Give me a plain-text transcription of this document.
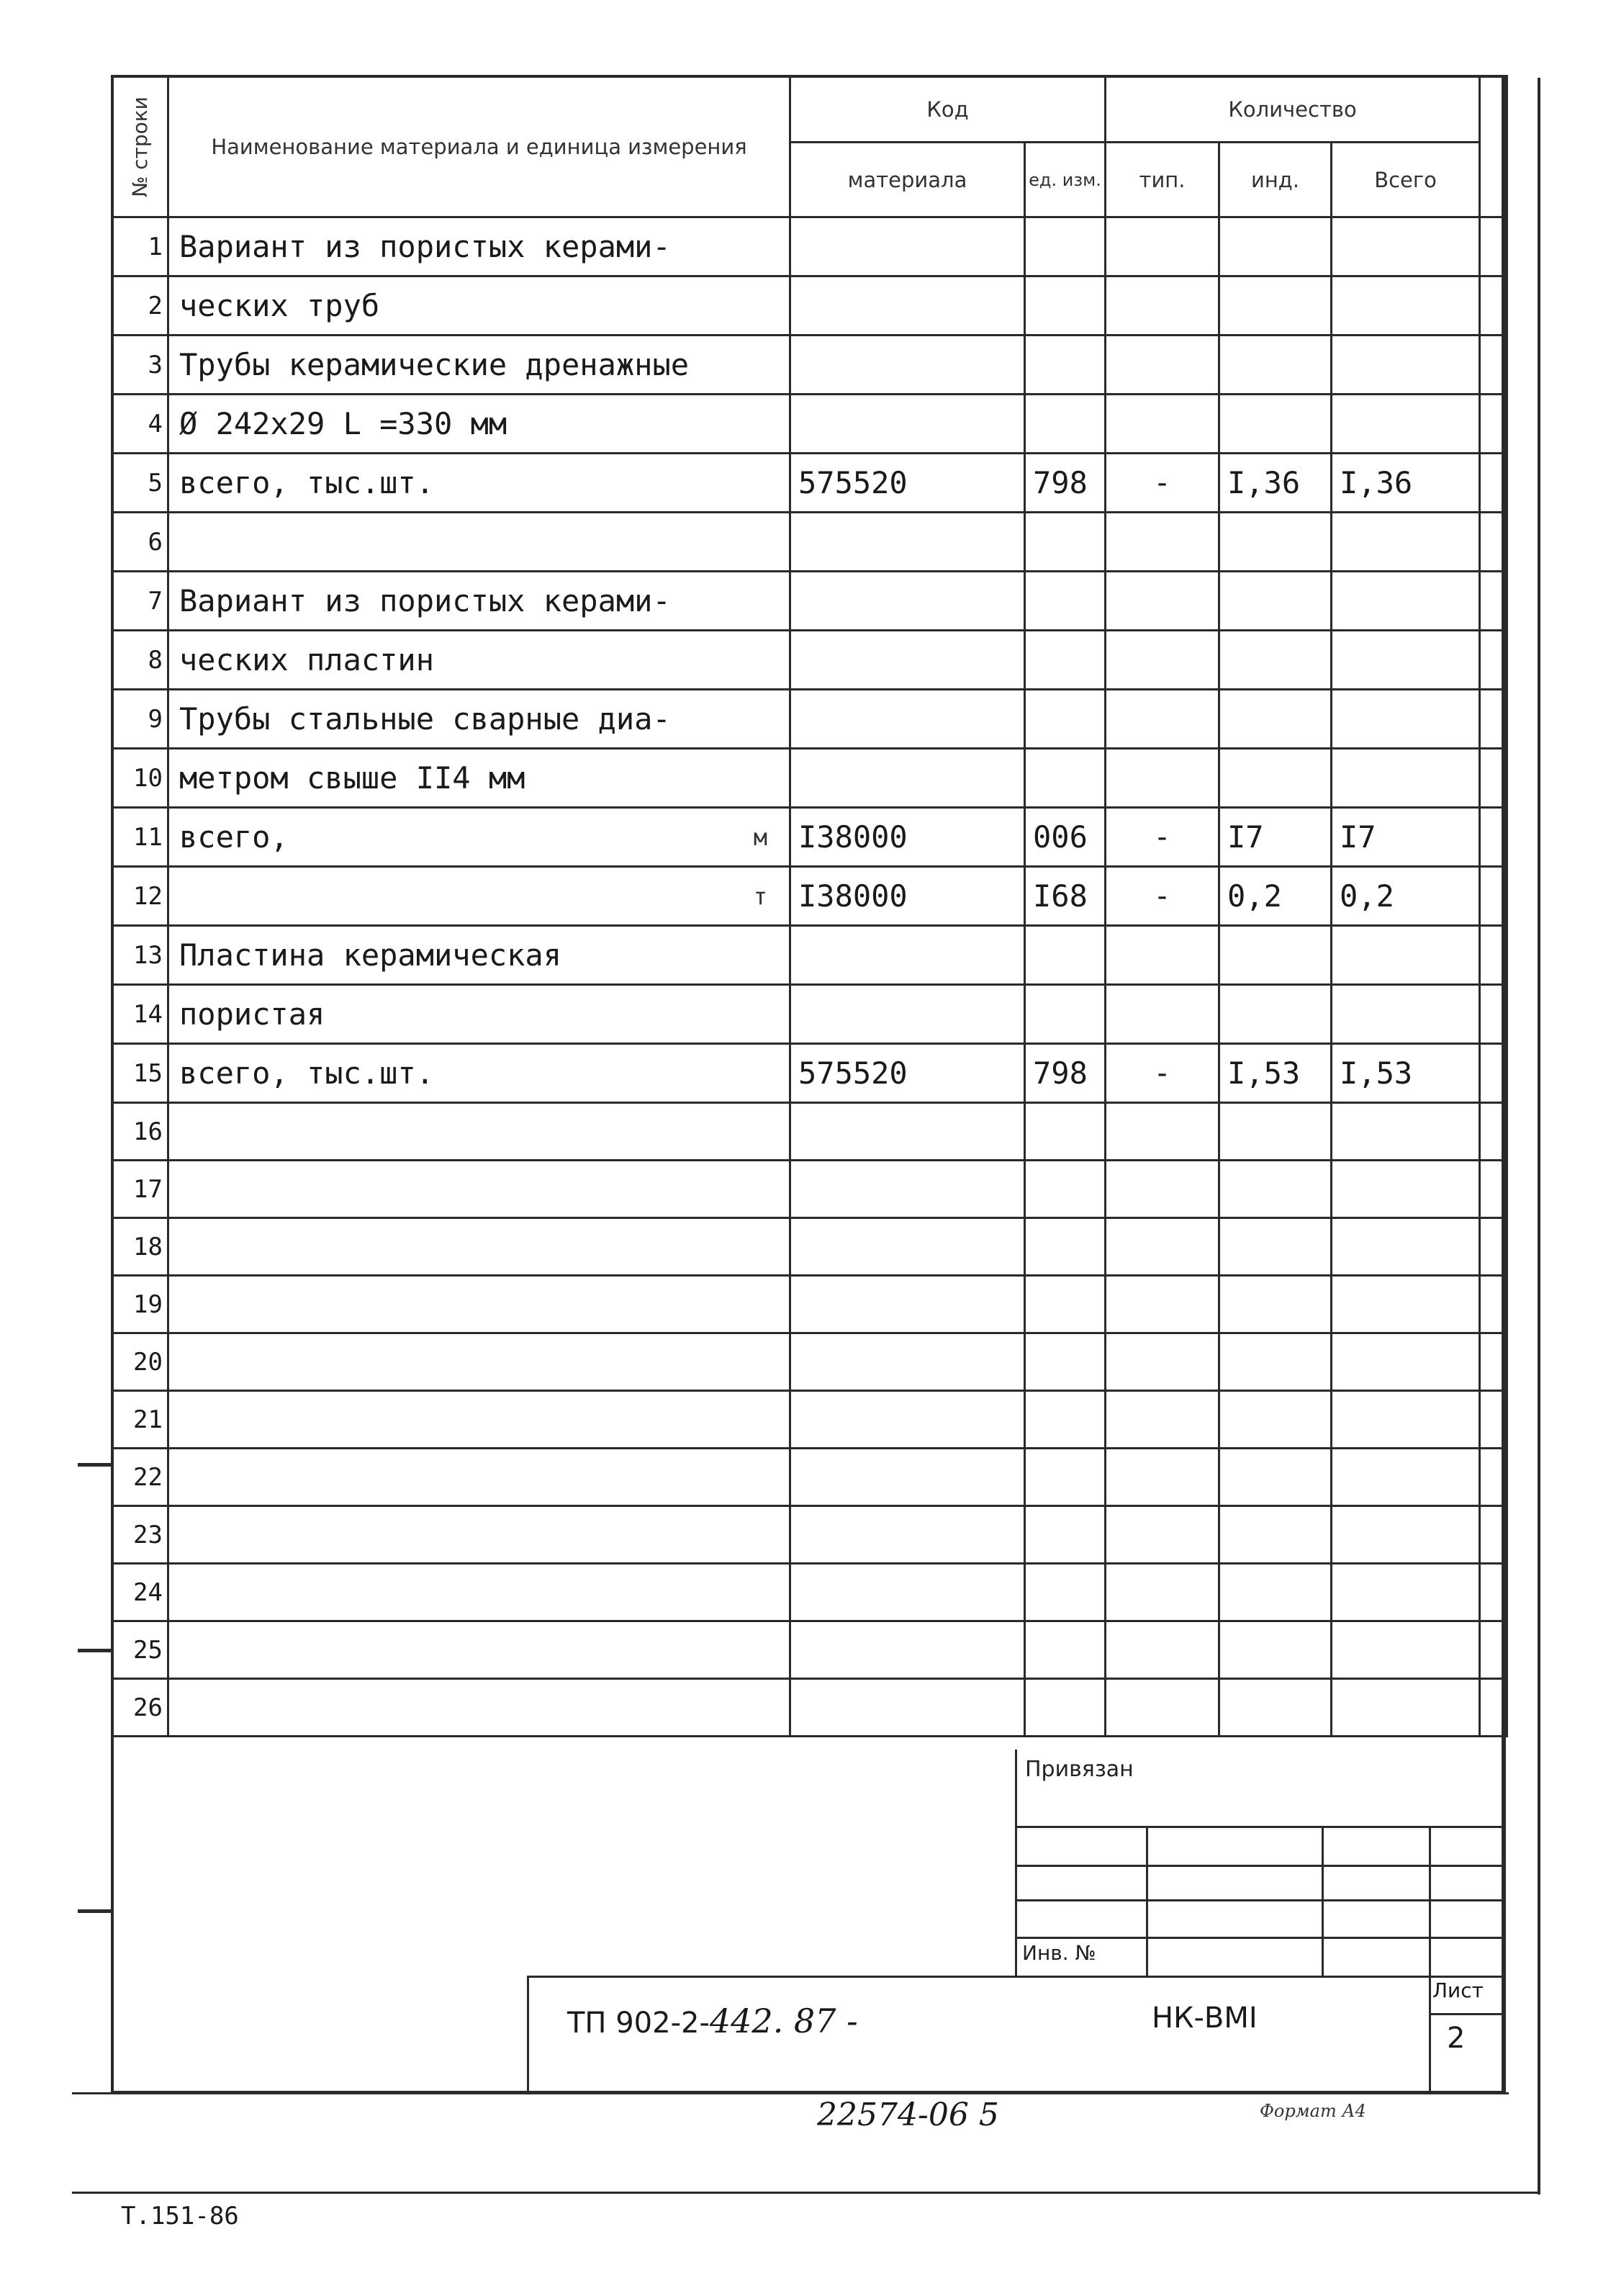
№ строки	Наименование материала и единица измерения	Код		Количество			
		материала	ед. изм.	тип.	инд.	Всего	
1	Вариант из пористых керами-

2	ческих труб

3	Трубы керамические дренажные

4	Ø 242x29 L =330 мм

5	всего, тыс.шт.	575520	798	-	I,36	I,36	
6	

7	Вариант из пористых керами-

8	ческих пластин

9	Трубы стальные сварные диа-

10	метром свыше II4 мм

11	всего, м	I38000	006	-	I7	I7	
12	т	I38000	I68	-	0,2	0,2	
13	Пластина керамическая

14	пористая

15	всего, тыс.шт.	575520	798	-	I,53	I,53	
16	

17	

18	

19	

20	

21	

22	

23	

24	

25	

26	

Привязан
Инв. №
ТП 902-2-442. 87 -	НК-ВМI
Лист
2
22574-06 5	Формат А4
Т.151-86
